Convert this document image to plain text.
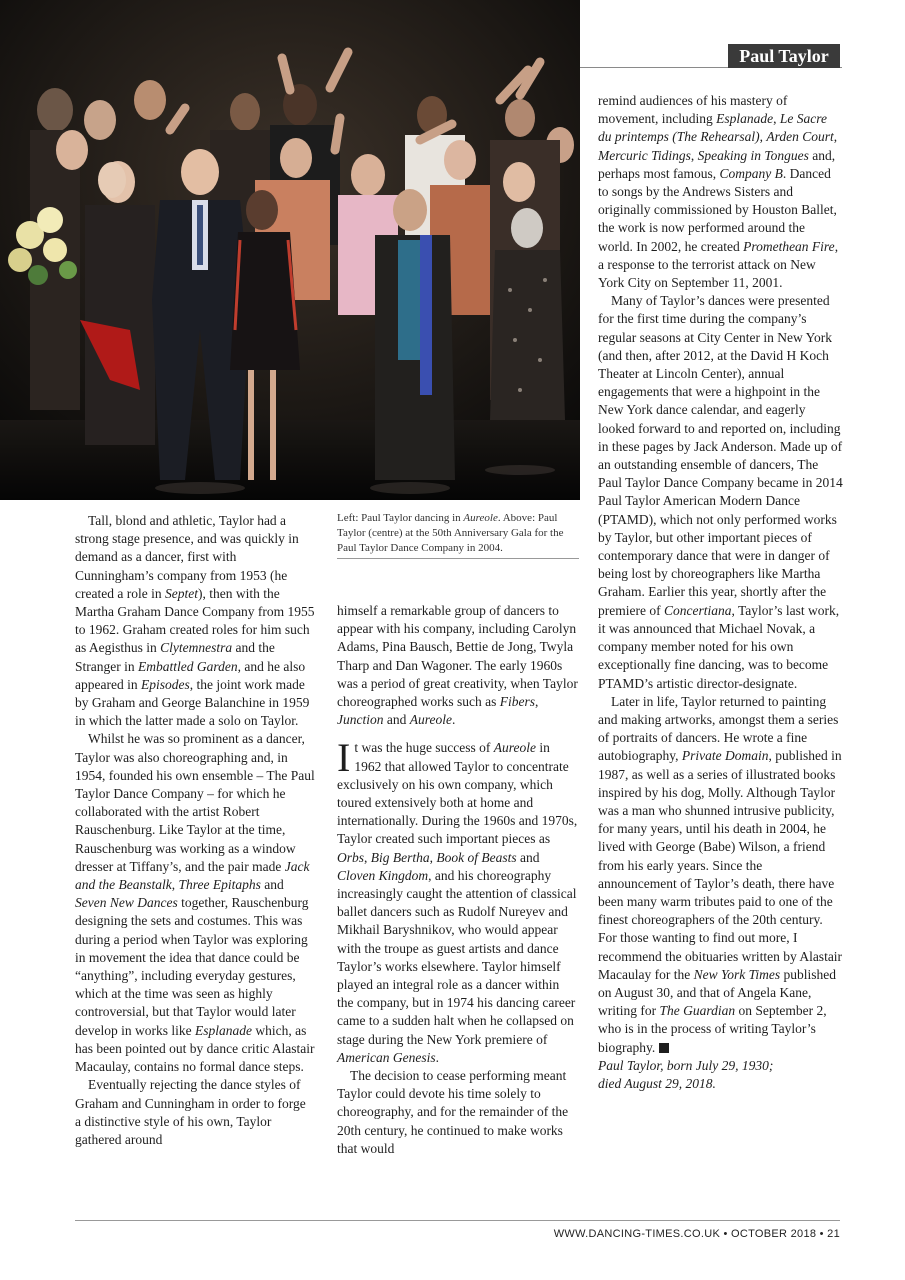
Paul Taylor
Left: Paul Taylor dancing in Aureole. Above: Paul Taylor (centre) at the 50th Anniversary Gala for the Paul Taylor Dance Company in 2004.

Tall, blond and athletic, Taylor had a strong stage presence, and was quickly in demand as a dancer, first with Cunningham’s company from 1953 (he created a role in Septet), then with the Martha Graham Dance Company from 1955 to 1962. Graham created roles for him such as Aegisthus in Clytemnestra and the Stranger in Embattled Garden, and he also appeared in Episodes, the joint work made by Graham and George Balanchine in 1959 in which the latter made a solo on Taylor.

Whilst he was so prominent as a dancer, Taylor was also choreographing and, in 1954, founded his own ensemble – The Paul Taylor Dance Company – for which he collaborated with the artist Robert Rauschenburg. Like Taylor at the time, Rauschenburg was working as a window dresser at Tiffany’s, and the pair made Jack and the Beanstalk, Three Epitaphs and Seven New Dances together, Rauschenburg designing the sets and costumes. This was during a period when Taylor was exploring in movement the idea that dance could be “anything”, including everyday gestures, which at the time was seen as highly controversial, but that Taylor would later develop in works like Esplanade which, as has been pointed out by dance critic Alastair Macaulay, contains no formal dance steps.

Eventually rejecting the dance styles of Graham and Cunningham in order to forge a distinctive style of his own, Taylor gathered around

himself a remarkable group of dancers to appear with his company, including Carolyn Adams, Pina Bausch, Bettie de Jong, Twyla Tharp and Dan Wagoner. The early 1960s was a period of great creativity, when Taylor choreographed works such as Fibers, Junction and Aureole.

It was the huge success of Aureole in 1962 that allowed Taylor to concentrate exclusively on his own company, which toured extensively both at home and internationally. During the 1960s and 1970s, Taylor created such important pieces as Orbs, Big Bertha, Book of Beasts and Cloven Kingdom, and his choreography increasingly caught the attention of classical ballet dancers such as Rudolf Nureyev and Mikhail Baryshnikov, who would appear with the troupe as guest artists and dance Taylor’s works elsewhere. Taylor himself played an integral role as a dancer within the company, but in 1974 his dancing career came to a sudden halt when he collapsed on stage during the New York premiere of American Genesis.

The decision to cease performing meant Taylor could devote his time solely to choreography, and for the remainder of the 20th century, he continued to make works that would

remind audiences of his mastery of movement, including Esplanade, Le Sacre du printemps (The Rehearsal), Arden Court, Mercuric Tidings, Speaking in Tongues and, perhaps most famous, Company B. Danced to songs by the Andrews Sisters and originally commissioned by Houston Ballet, the work is now performed around the world. In 2002, he created Promethean Fire, a response to the terrorist attack on New York City on September 11, 2001.

Many of Taylor’s dances were presented for the first time during the company’s regular seasons at City Center in New York (and then, after 2012, at the David H Koch Theater at Lincoln Center), annual engagements that were a highpoint in the New York dance calendar, and eagerly looked forward to and reported on, including in these pages by Jack Anderson. Made up of an outstanding ensemble of dancers, The Paul Taylor Dance Company became in 2014 Paul Taylor American Modern Dance (PTAMD), which not only performed works by Taylor, but other important pieces of contemporary dance that were in danger of being lost by choreographers like Martha Graham. Earlier this year, shortly after the premiere of Concertiana, Taylor’s last work, it was announced that Michael Novak, a company member noted for his own exceptionally fine dancing, was to become PTAMD’s artistic director-designate.

Later in life, Taylor returned to painting and making artworks, amongst them a series of portraits of dancers. He wrote a fine autobiography, Private Domain, published in 1987, as well as a series of illustrated books inspired by his dog, Molly. Although Taylor was a man who shunned intrusive publicity, for many years, until his death in 2004, he lived with George (Babe) Wilson, a friend from his early years. Since the announcement of Taylor’s death, there have been many warm tributes paid to one of the finest choreographers of the 20th century. For those wanting to find out more, I recommend the obituaries written by Alastair Macaulay for the New York Times published on August 30, and that of Angela Kane, writing for The Guardian on September 2, who is in the process of writing Taylor’s biography.

Paul Taylor, born July 29, 1930;
died August 29, 2018.

WWW.DANCING-TIMES.CO.UK • OCTOBER 2018 • 21
